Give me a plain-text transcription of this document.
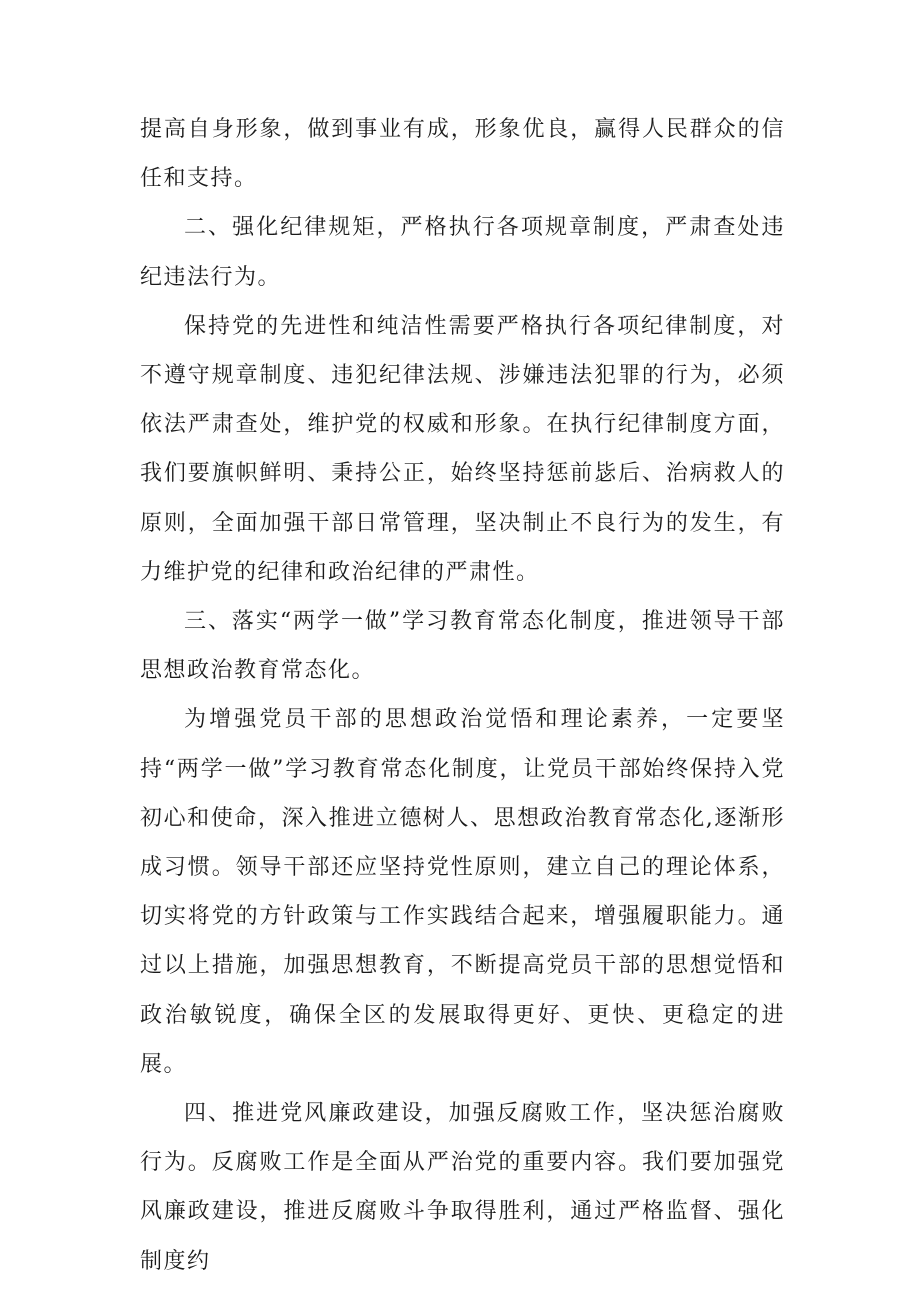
提高自身形象，做到事业有成，形象优良，赢得人民群众的信任和支持。

二、强化纪律规矩，严格执行各项规章制度，严肃查处违纪违法行为。

保持党的先进性和纯洁性需要严格执行各项纪律制度，对不遵守规章制度、违犯纪律法规、涉嫌违法犯罪的行为，必须依法严肃查处，维护党的权威和形象。在执行纪律制度方面，我们要旗帜鲜明、秉持公正，始终坚持惩前毖后、治病救人的原则，全面加强干部日常管理，坚决制止不良行为的发生，有力维护党的纪律和政治纪律的严肃性。

三、落实“两学一做”学习教育常态化制度，推进领导干部思想政治教育常态化。

为增强党员干部的思想政治觉悟和理论素养，一定要坚持“两学一做”学习教育常态化制度，让党员干部始终保持入党初心和使命，深入推进立德树人、思想政治教育常态化,逐渐形成习惯。领导干部还应坚持党性原则，建立自己的理论体系，切实将党的方针政策与工作实践结合起来，增强履职能力。通过以上措施，加强思想教育，不断提高党员干部的思想觉悟和政治敏锐度，确保全区的发展取得更好、更快、更稳定的进展。

四、推进党风廉政建设，加强反腐败工作，坚决惩治腐败行为。反腐败工作是全面从严治党的重要内容。我们要加强党风廉政建设，推进反腐败斗争取得胜利，通过严格监督、强化制度约
